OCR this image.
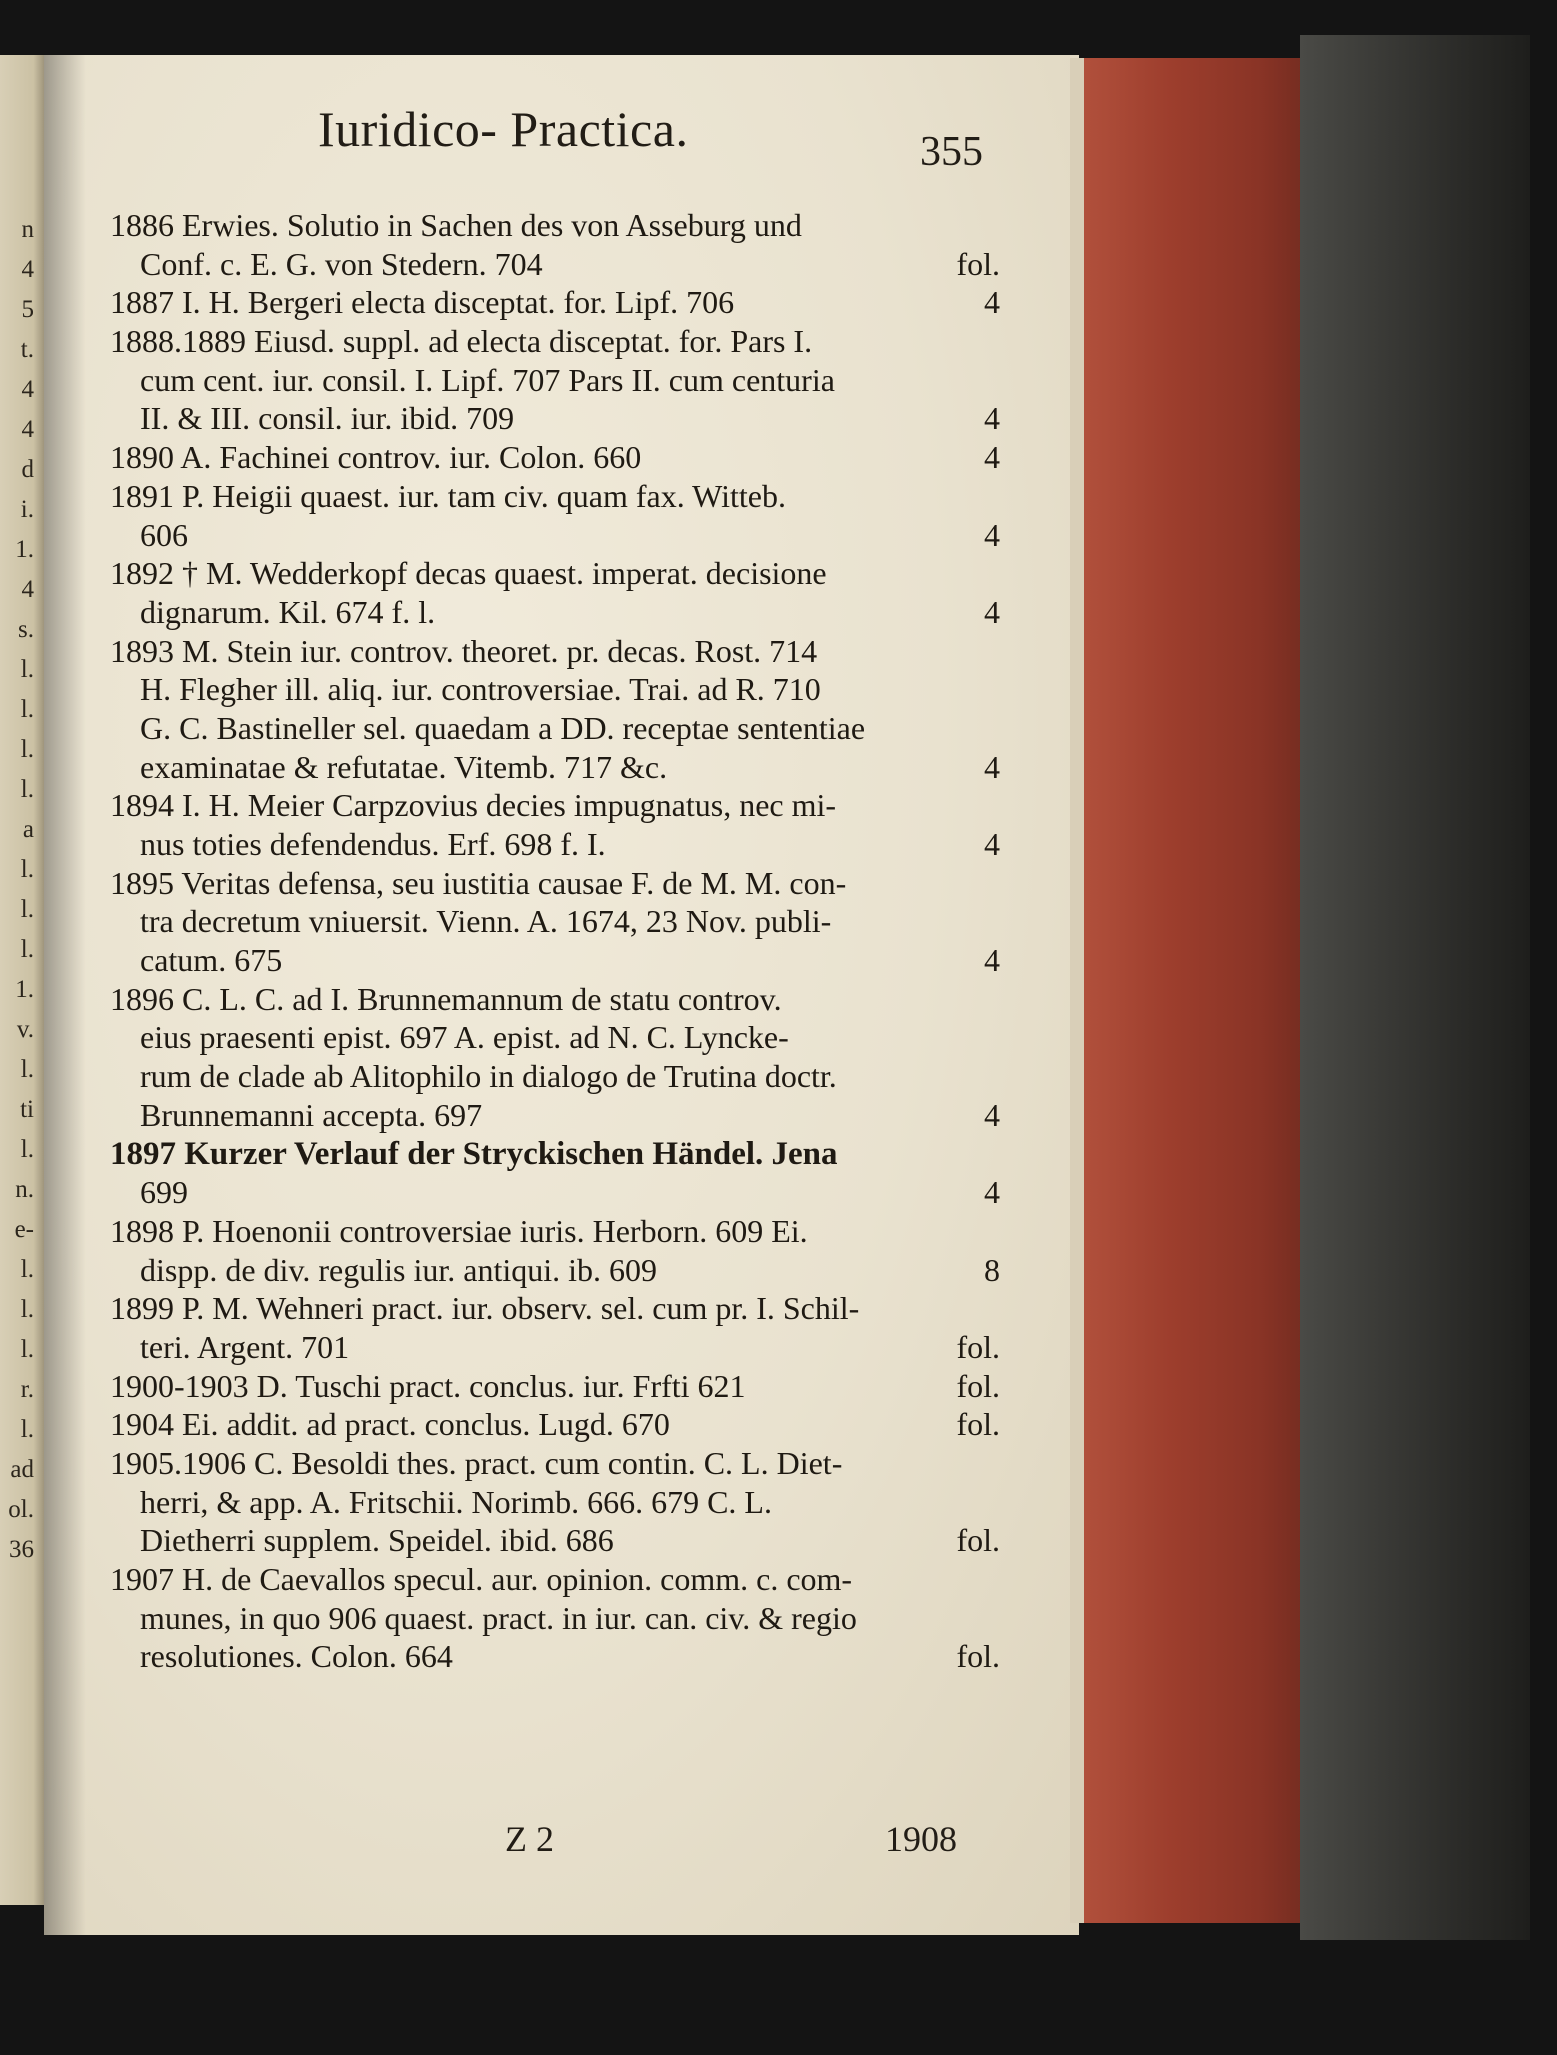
n
4
5
t.
4
4
d
i.
1.
4
s.
l.
l.
l.
l.
a
l.
l.
l.
1.
v.
l.
ti
l.
n.
e-
l.
l.
l.
r.
l.
ad
ol.
36
Iuridico- Practica.	355
1886 Erwies. Solutio in Sachen des von Asseburg und
Conf. c. E. G. von Stedern. 704	fol.
1887 I. H. Bergeri electa disceptat. for. Lipf. 706	4
1888.1889 Eiusd. suppl. ad electa disceptat. for. Pars I.
cum cent. iur. consil. I. Lipf. 707 Pars II. cum centuria
II. & III. consil. iur. ibid. 709	4
1890 A. Fachinei controv. iur. Colon. 660	4
1891 P. Heigii quaest. iur. tam civ. quam fax. Witteb.
606	4
1892 † M. Wedderkopf decas quaest. imperat. decisione
dignarum. Kil. 674 f. l.	4
1893 M. Stein iur. controv. theoret. pr. decas. Rost. 714
H. Flegher ill. aliq. iur. controversiae. Trai. ad R. 710
G. C. Bastineller sel. quaedam a DD. receptae sententiae
examinatae & refutatae. Vitemb. 717 &c.	4
1894 I. H. Meier Carpzovius decies impugnatus, nec mi-
nus toties defendendus. Erf. 698 f. I.	4
1895 Veritas defensa, seu iustitia causae F. de M. M. con-
tra decretum vniuersit. Vienn. A. 1674, 23 Nov. publi-
catum. 675	4
1896 C. L. C. ad I. Brunnemannum de statu controv.
eius praesenti epist. 697 A. epist. ad N. C. Lyncke-
rum de clade ab Alitophilo in dialogo de Trutina doctr.
Brunnemanni accepta. 697	4
1897 Kurzer Verlauf der Stryckischen Händel. Jena
699	4
1898 P. Hoenonii controversiae iuris. Herborn. 609 Ei.
dispp. de div. regulis iur. antiqui. ib. 609	8
1899 P. M. Wehneri pract. iur. observ. sel. cum pr. I. Schil-
teri. Argent. 701	fol.
1900-1903 D. Tuschi pract. conclus. iur. Frfti 621	fol.
1904 Ei. addit. ad pract. conclus. Lugd. 670	fol.
1905.1906 C. Besoldi thes. pract. cum contin. C. L. Diet-
herri, & app. A. Fritschii. Norimb. 666. 679 C. L.
Dietherri supplem. Speidel. ibid. 686	fol.
1907 H. de Caevallos specul. aur. opinion. comm. c. com-
munes, in quo 906 quaest. pract. in iur. can. civ. & regio
resolutiones. Colon. 664	fol.
Z 2	1908
